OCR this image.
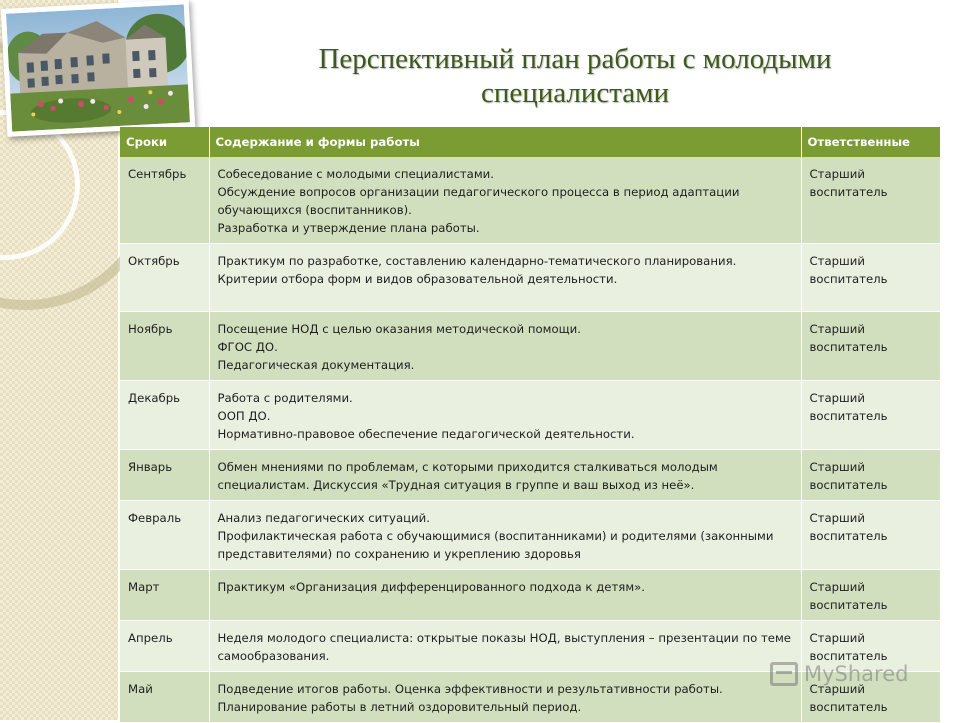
Перспективный план работы с молодыми
специалистами
Сроки	Содержание и формы работы	Ответственные
Сентябрь	Собеседование с молодыми специалистами.
Обсуждение вопросов организации педагогического процесса в период адаптации обучающихся (воспитанников).
Разработка и утверждение плана работы.	Старший воспитатель
Октябрь	Практикум по разработке, составлению календарно-тематического планирования.
Критерии отбора форм и видов образовательной деятельности.	Старший воспитатель
Ноябрь	Посещение НОД с целью оказания методической помощи.
ФГОС ДО.
Педагогическая документация.	Старший воспитатель
Декабрь	Работа с родителями.
ООП ДО.
Нормативно-правовое обеспечение педагогической деятельности.	Старший воспитатель
Январь	Обмен мнениями по проблемам, с которыми приходится сталкиваться молодым специалистам. Дискуссия «Трудная ситуация в группе и ваш выход из неё».	Старший воспитатель
Февраль	Анализ педагогических ситуаций.
Профилактическая работа с обучающимися (воспитанниками) и родителями (законными представителями) по сохранению и укреплению здоровья	Старший воспитатель
Март	Практикум «Организация дифференцированного подхода к детям».	Старший воспитатель
Апрель	Неделя молодого специалиста: открытые показы НОД, выступления – презентации по теме самообразования.	Старший воспитатель
Май	Подведение итогов работы. Оценка эффективности и результативности работы.
Планирование работы в летний оздоровительный период.	Старший воспитатель
MyShared
